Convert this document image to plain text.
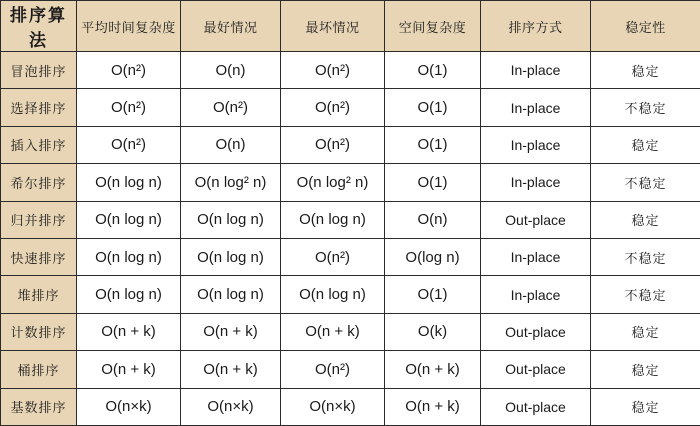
排序算法	平均时间复杂度	最好情况	最坏情况	空间复杂度	排序方式	稳定性
冒泡排序	O(n²)	O(n)	O(n²)	O(1)	In-place	稳定
选择排序	O(n²)	O(n²)	O(n²)	O(1)	In-place	不稳定
插入排序	O(n²)	O(n)	O(n²)	O(1)	In-place	稳定
希尔排序	O(n log n)	O(n log² n)	O(n log² n)	O(1)	In-place	不稳定
归并排序	O(n log n)	O(n log n)	O(n log n)	O(n)	Out-place	稳定
快速排序	O(n log n)	O(n log n)	O(n²)	O(log n)	In-place	不稳定
堆排序	O(n log n)	O(n log n)	O(n log n)	O(1)	In-place	不稳定
计数排序	O(n + k)	O(n + k)	O(n + k)	O(k)	Out-place	稳定
桶排序	O(n + k)	O(n + k)	O(n²)	O(n + k)	Out-place	稳定
基数排序	O(n×k)	O(n×k)	O(n×k)	O(n + k)	Out-place	稳定
